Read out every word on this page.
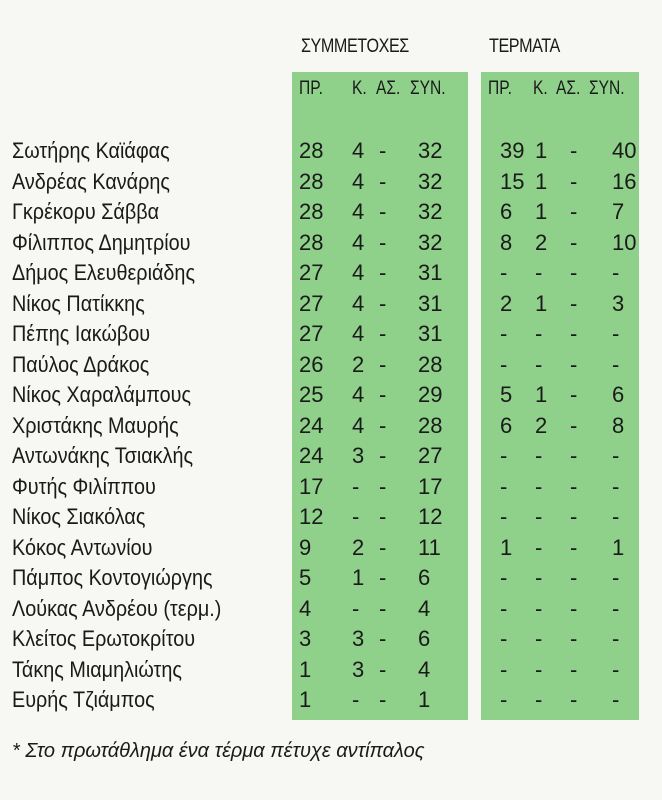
ΣΥΜΜΕΤΟΧΕΣ	ΤΕΡΜΑΤΑ
ΠΡ. Κ. ΑΣ. ΣΥΝ. ΠΡ. Κ. ΑΣ. ΣΥΝ.
Σωτήρης Καϊάφας	28 4 - 32	39 1 - 40
Ανδρέας Κανάρης	28 4 - 32	15 1 - 16
Γκρέκορυ Σάββα	28 4 - 32	6 1 - 7
Φίλιππος Δημητρίου	28 4 - 32	8 2 - 10
Δήμος Ελευθεριάδης	27 4 - 31	- - - -
Νίκος Πατίκκης	27 4 - 31	2 1 - 3
Πέπης Ιακώβου	27 4 - 31	- - - -
Παύλος Δράκος	26 2 - 28	- - - -
Νίκος Χαραλάμπους	25 4 - 29	5 1 - 6
Χριστάκης Μαυρής	24 4 - 28	6 2 - 8
Αντωνάκης Τσιακλής	24 3 - 27	- - - -
Φυτής Φιλίππου	17 - - 17	- - - -
Νίκος Σιακόλας	12 - - 12	- - - -
Κόκος Αντωνίου	9 2 - 11	1 - - 1
Πάμπος Κοντογιώργης	5 1 - 6	- - - -
Λούκας Ανδρέου (τερμ.)	4 - - 4	- - - -
Κλείτος Ερωτοκρίτου	3 3 - 6	- - - -
Τάκης Μιαμηλιώτης	1 3 - 4	- - - -
Ευρής Τζιάμπος	1 - - 1	- - - -
* Στο πρωτάθλημα ένα τέρμα πέτυχε αντίπαλος
